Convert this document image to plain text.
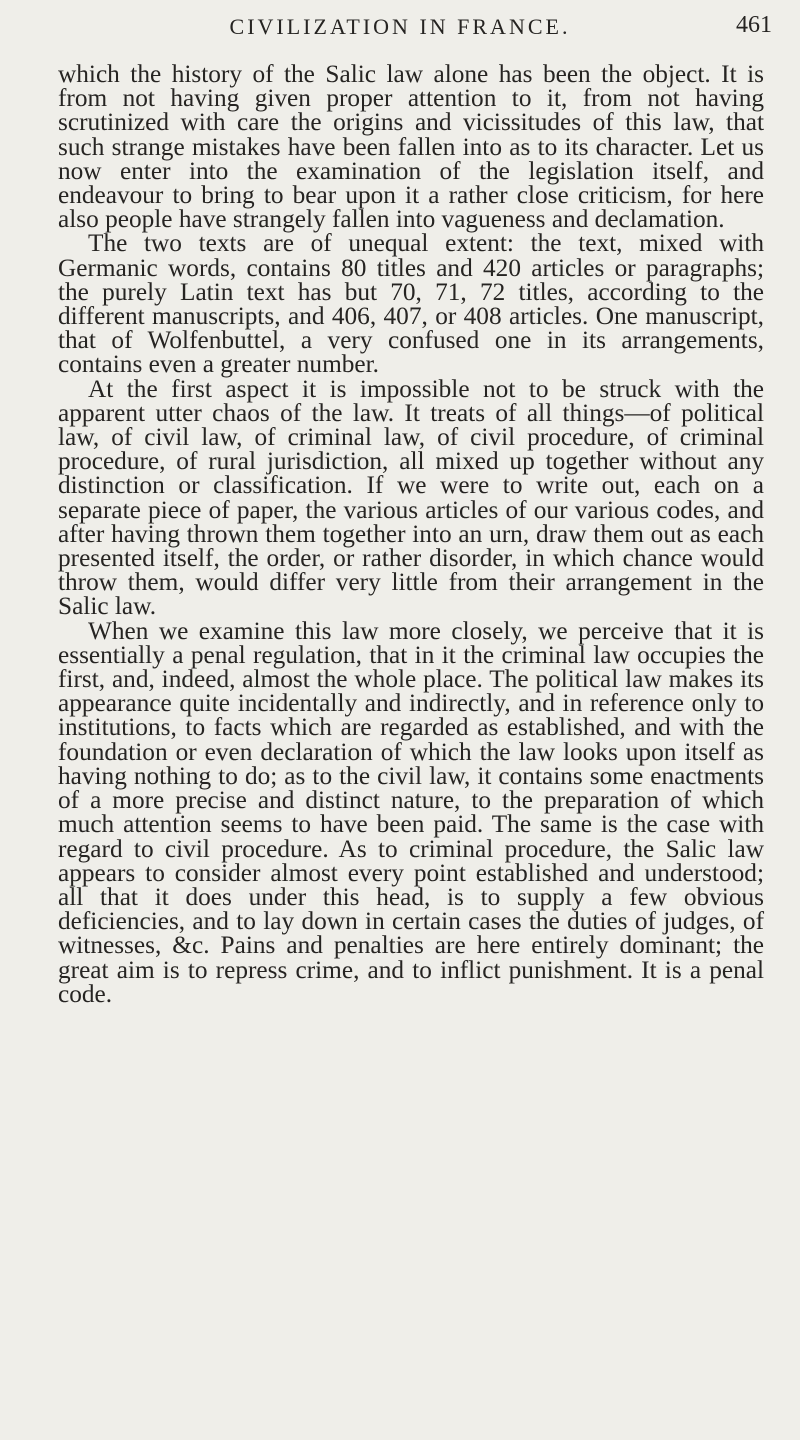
CIVILIZATION IN FRANCE.	461

which the history of the Salic law alone has been the object. It is from not having given proper attention to it, from not having scrutinized with care the origins and vicissitudes of this law, that such strange mistakes have been fallen into as to its character. Let us now enter into the examination of the legislation itself, and endeavour to bring to bear upon it a rather close criticism, for here also people have strangely fallen into vagueness and declamation.

The two texts are of unequal extent: the text, mixed with Germanic words, contains 80 titles and 420 articles or paragraphs; the purely Latin text has but 70, 71, 72 titles, according to the different manuscripts, and 406, 407, or 408 articles. One manuscript, that of Wolfenbuttel, a very confused one in its arrangements, contains even a greater number.

At the first aspect it is impossible not to be struck with the apparent utter chaos of the law. It treats of all things—of political law, of civil law, of criminal law, of civil procedure, of criminal procedure, of rural jurisdiction, all mixed up together without any distinction or classification. If we were to write out, each on a separate piece of paper, the various articles of our various codes, and after having thrown them together into an urn, draw them out as each presented itself, the order, or rather disorder, in which chance would throw them, would differ very little from their arrangement in the Salic law.

When we examine this law more closely, we perceive that it is essentially a penal regulation, that in it the criminal law occupies the first, and, indeed, almost the whole place. The political law makes its appearance quite incidentally and indirectly, and in reference only to institutions, to facts which are regarded as established, and with the foundation or even declaration of which the law looks upon itself as having nothing to do; as to the civil law, it contains some enactments of a more precise and distinct nature, to the preparation of which much attention seems to have been paid. The same is the case with regard to civil procedure. As to criminal procedure, the Salic law appears to consider almost every point established and understood; all that it does under this head, is to supply a few obvious deficiencies, and to lay down in certain cases the duties of judges, of witnesses, &c. Pains and penalties are here entirely dominant; the great aim is to repress crime, and to inflict punishment. It is a penal code.
